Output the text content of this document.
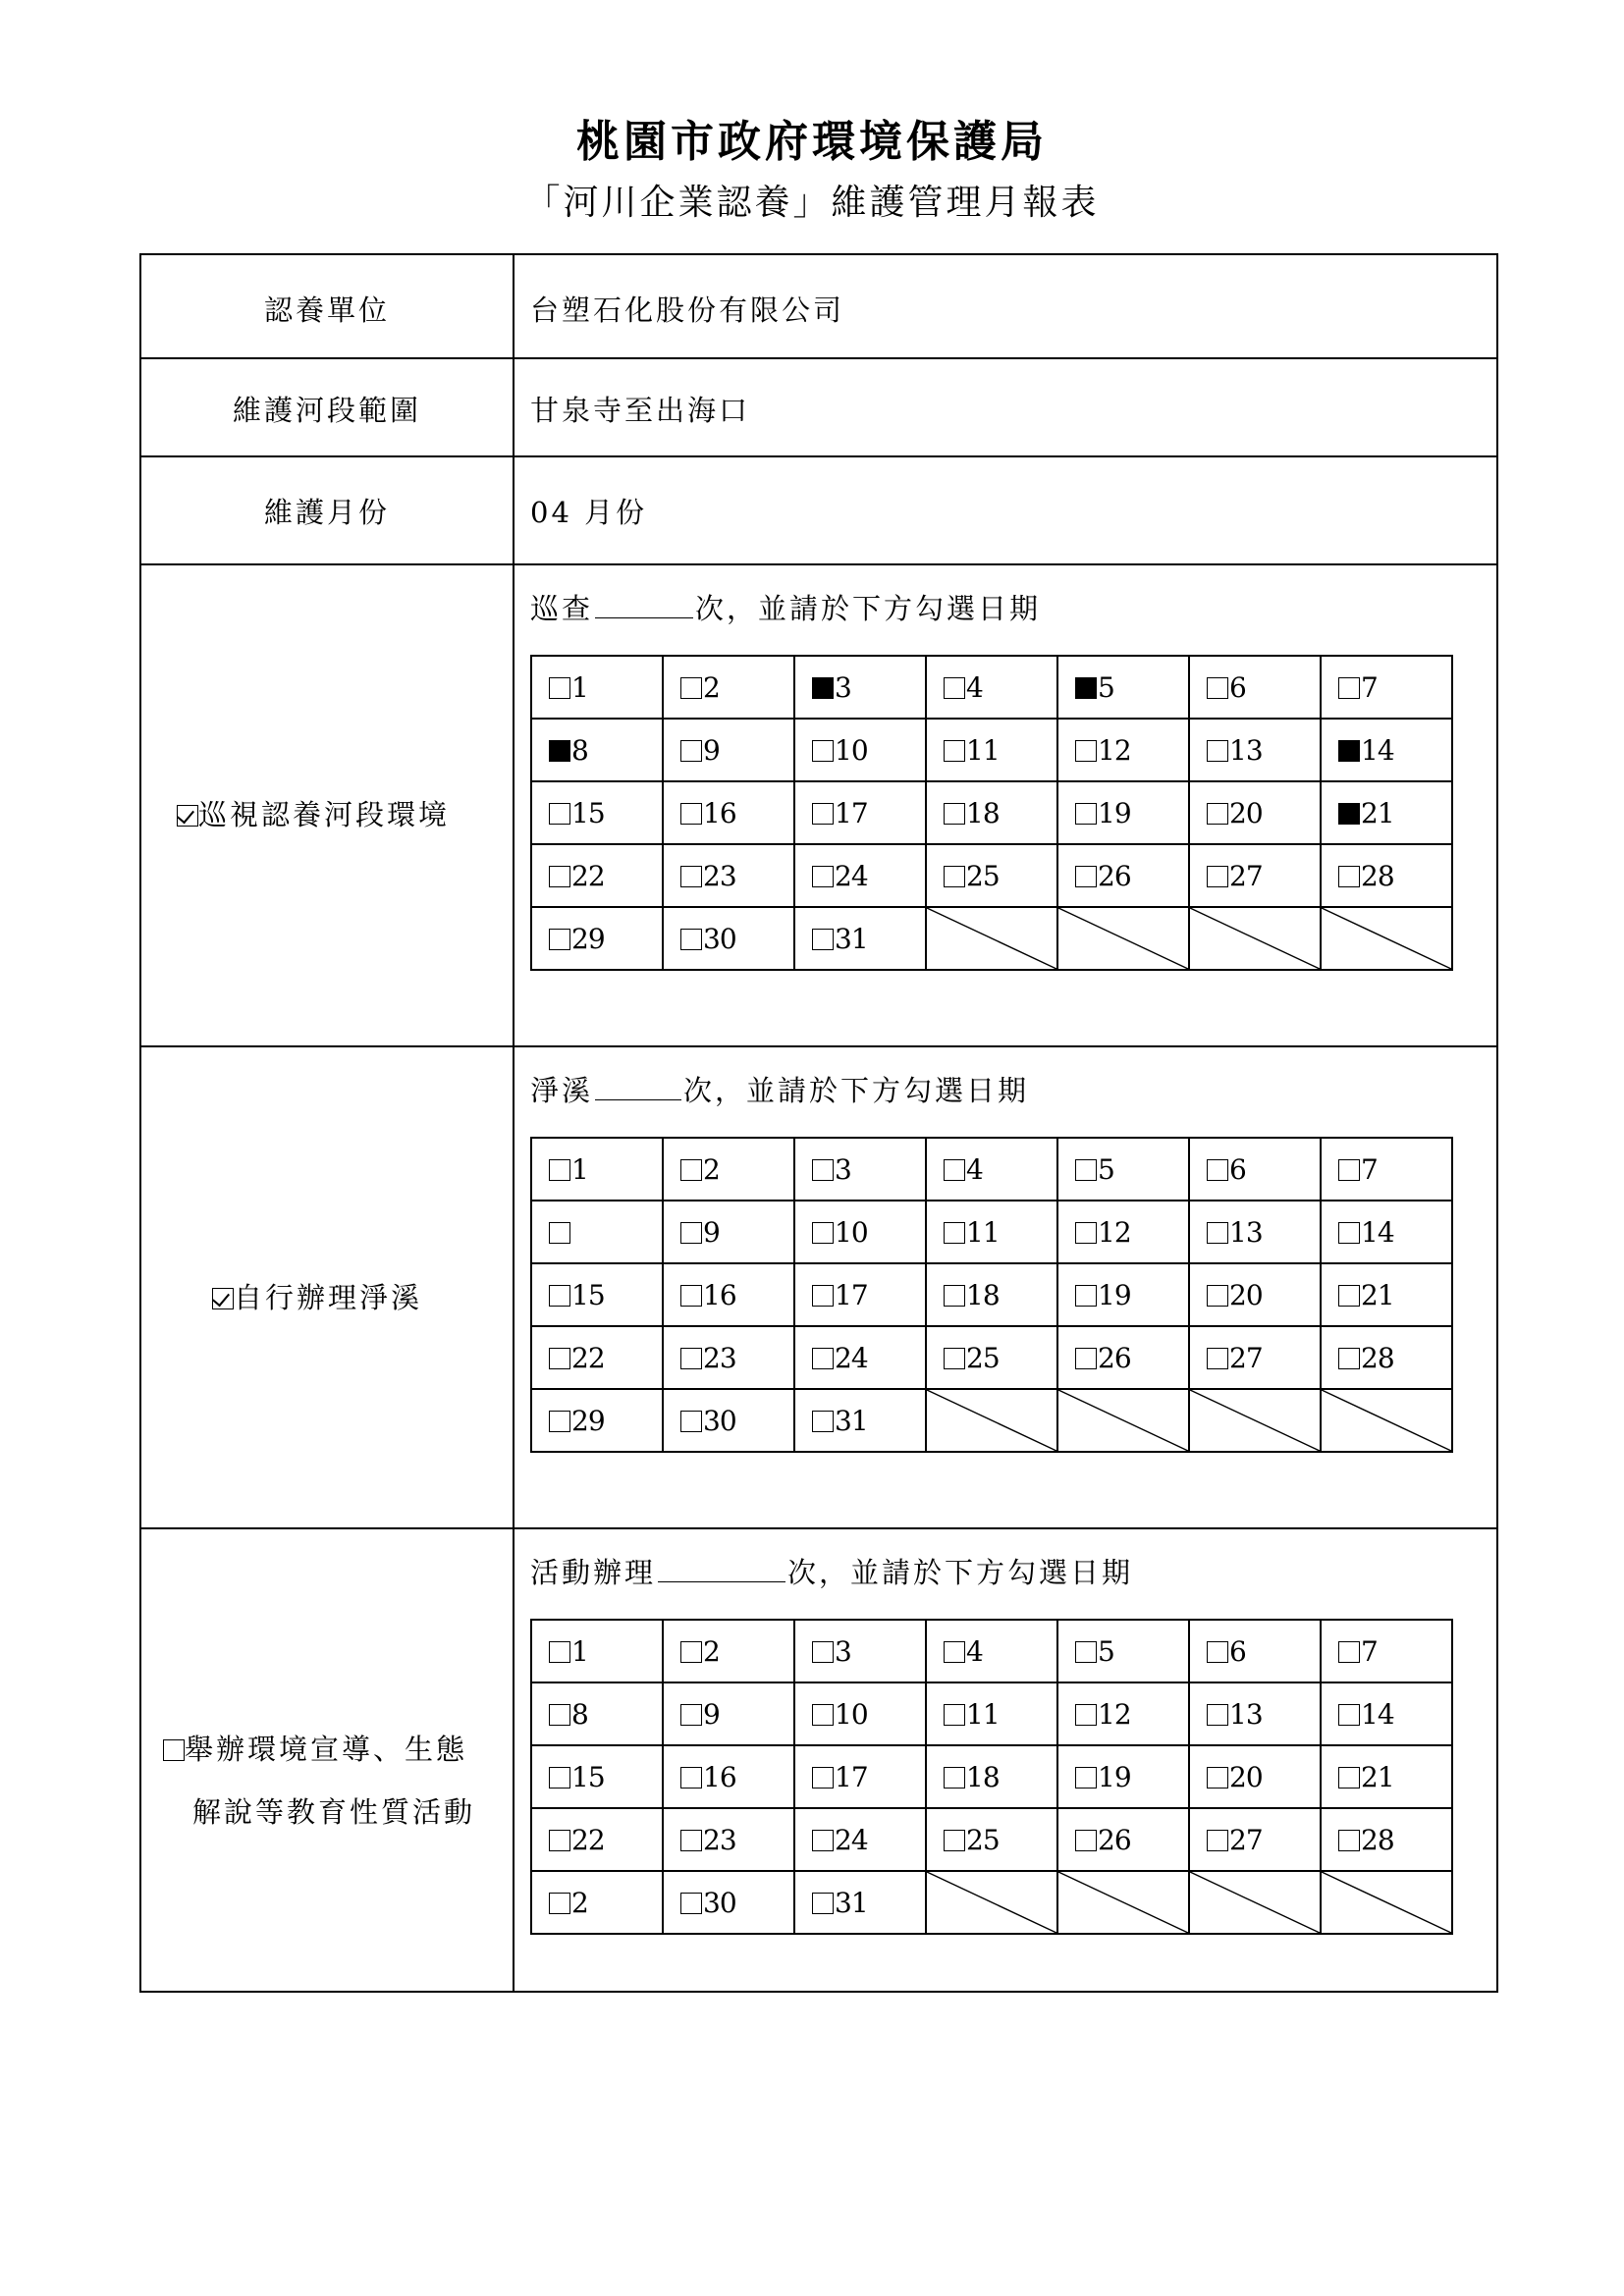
桃園市政府環境保護局
「河川企業認養」維護管理月報表
認養單位	台塑石化股份有限公司
維護河段範圍	甘泉寺至出海口
維護月份	04 月份
巡視認養河段環境
巡查	次，並請於下方勾選日期
1	2	3	4	5	6	7
8	9	10	11	12	13	14
15	16	17	18	19	20	21
22	23	24	25	26	27	28
29	30	31	

自行辦理淨溪
淨溪	次，並請於下方勾選日期
1	2	3	4	5	6	7
	9	10	11	12	13	14
15	16	17	18	19	20	21
22	23	24	25	26	27	28
29	30	31	

舉辦環境宣導、生態
解說等教育性質活動
活動辦理	次，並請於下方勾選日期
1	2	3	4	5	6	7
8	9	10	11	12	13	14
15	16	17	18	19	20	21
22	23	24	25	26	27	28
2	30	31	
